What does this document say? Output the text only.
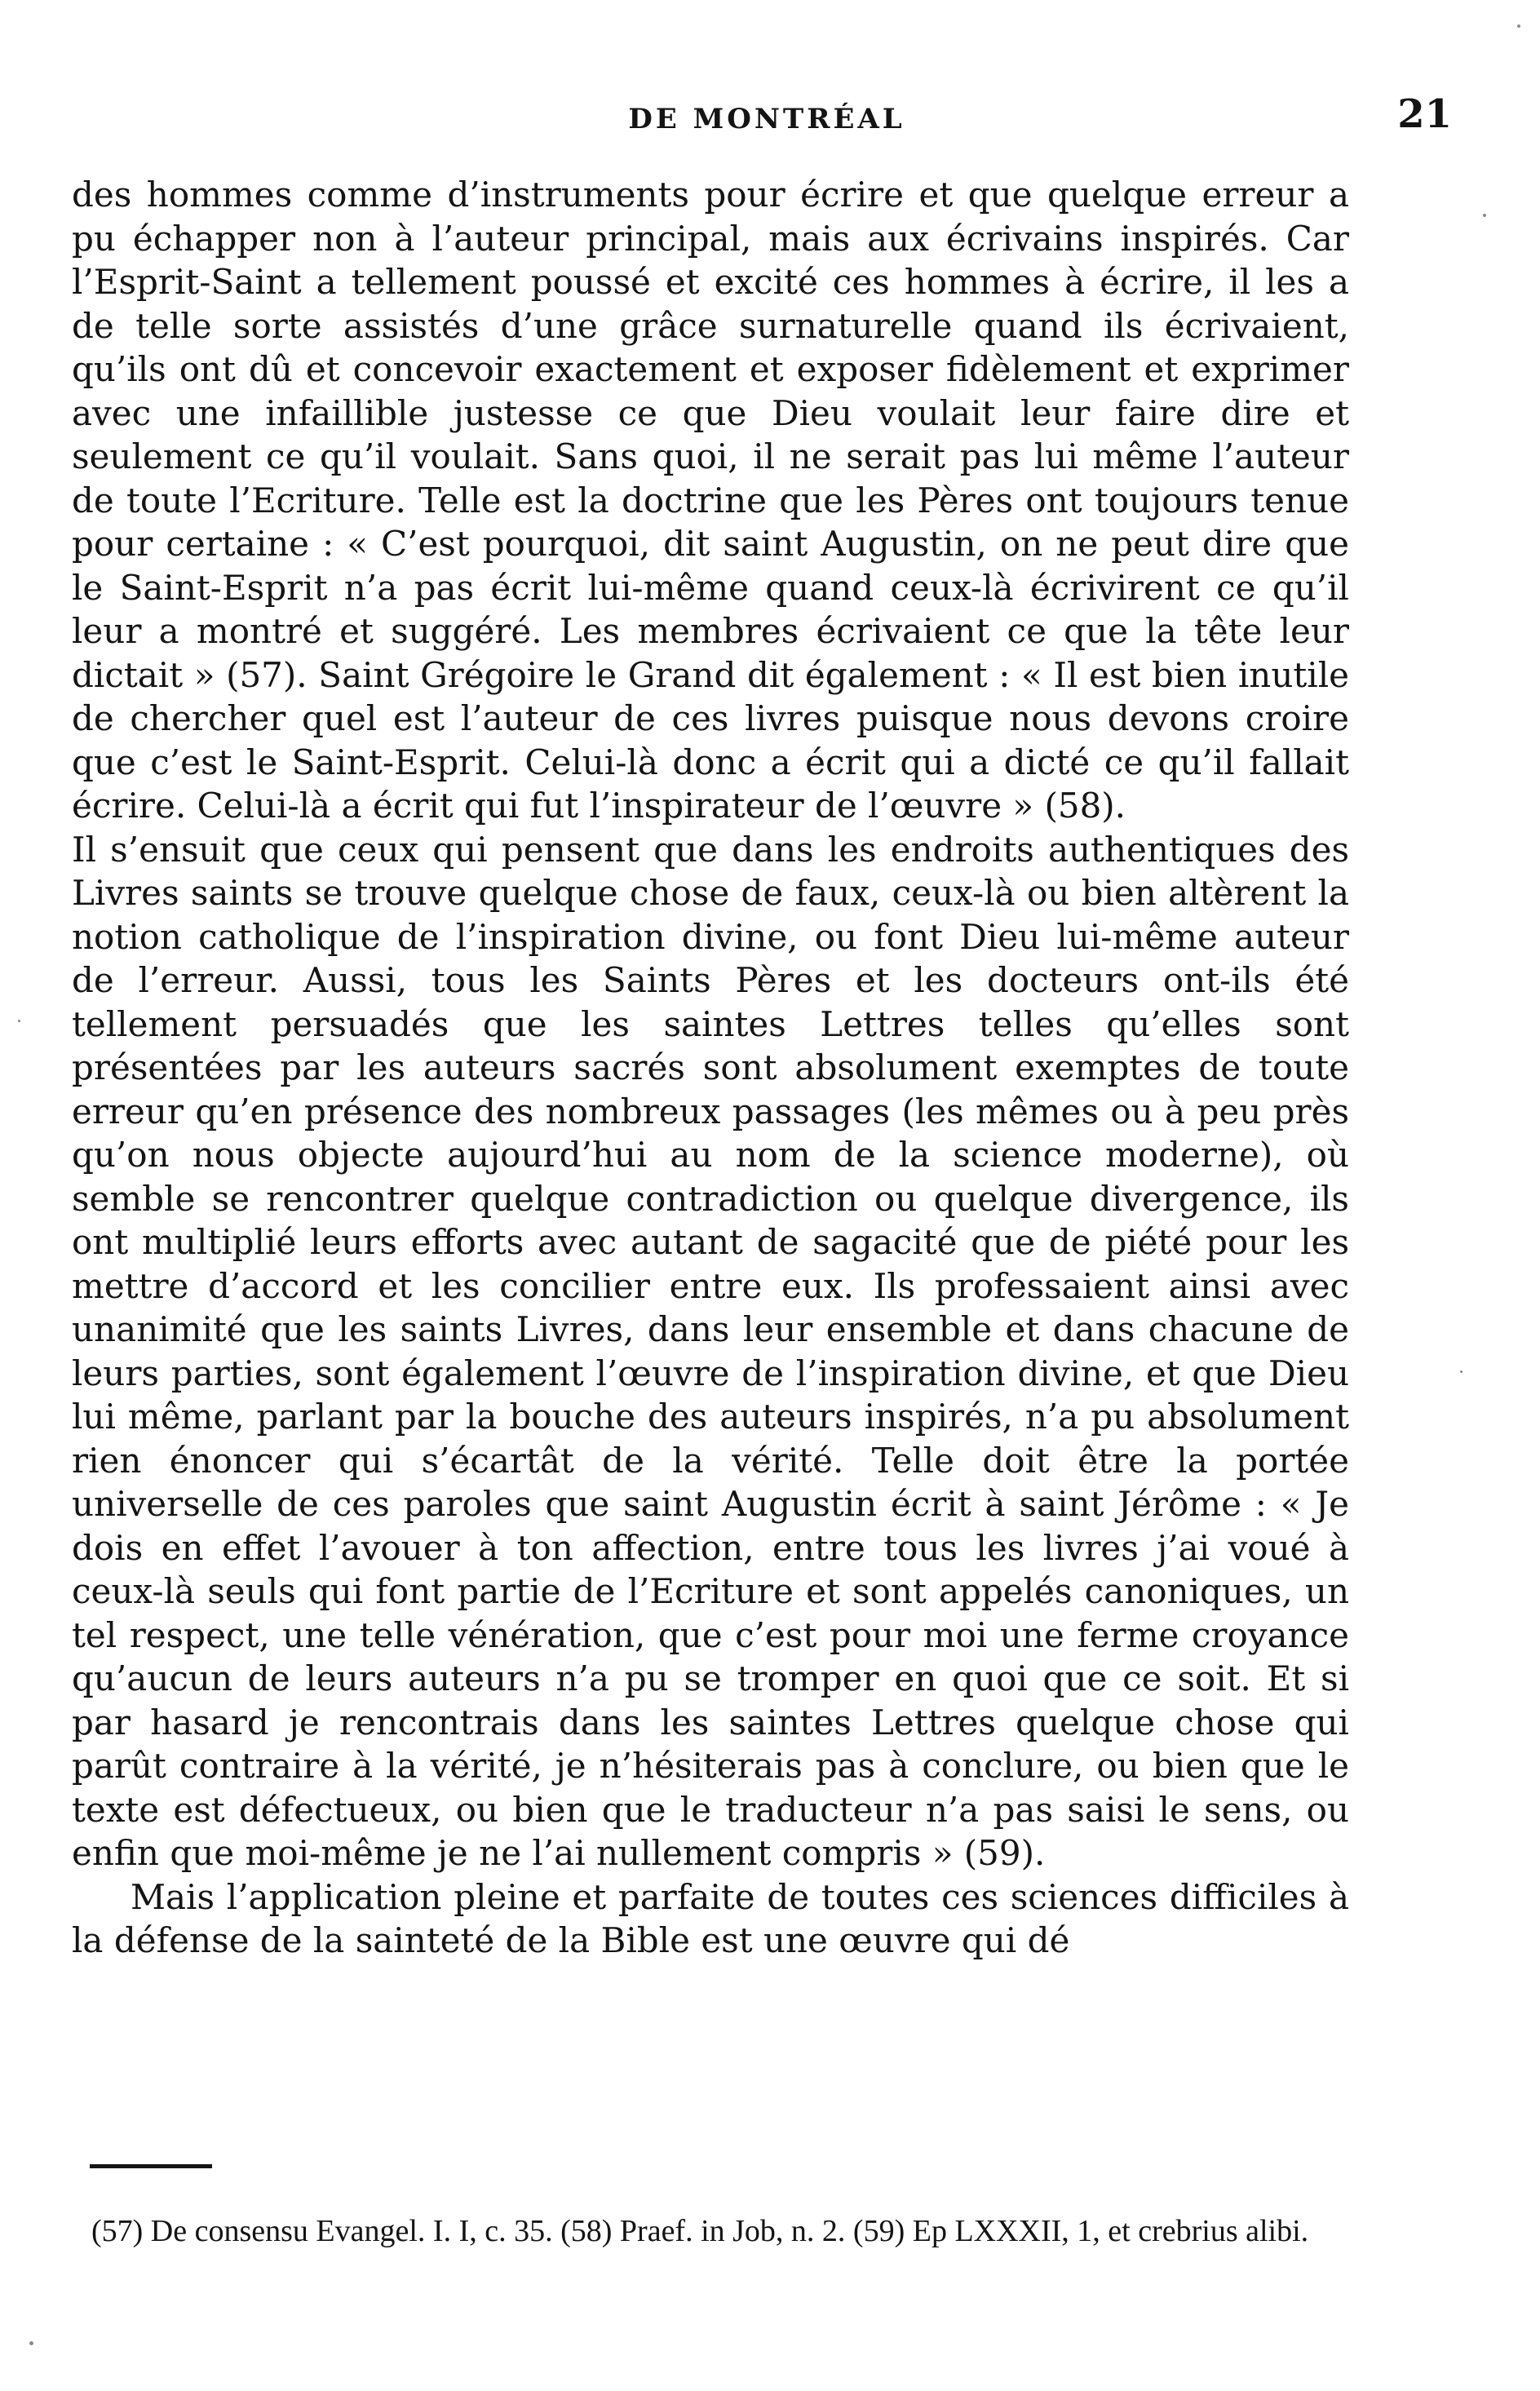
DE MONTRÉAL	21

des hommes comme d’instruments pour écrire et que quelque erreur a pu échapper non à l’auteur principal, mais aux écrivains inspirés. Car l’Esprit-Saint a tellement poussé et excité ces hommes à écrire, il les a de telle sorte assistés d’une grâce surnaturelle quand ils écrivaient, qu’ils ont dû et concevoir exactement et exposer fidèlement et exprimer avec une infaillible justesse ce que Dieu voulait leur faire dire et seulement ce qu’il voulait. Sans quoi, il ne serait pas lui même l’auteur de toute l’Ecriture. Telle est la doctrine que les Pères ont toujours tenue pour certaine : « C’est pourquoi, dit saint Augustin, on ne peut dire que le Saint-Esprit n’a pas écrit lui-même quand ceux-là écrivirent ce qu’il leur a montré et suggéré. Les membres écrivaient ce que la tête leur dictait » (57). Saint Grégoire le Grand dit également : « Il est bien inutile de chercher quel est l’auteur de ces livres puisque nous devons croire que c’est le Saint-Esprit. Celui-là donc a écrit qui a dicté ce qu’il fallait écrire. Celui-là a écrit qui fut l’inspirateur de l’œuvre » (58).

Il s’ensuit que ceux qui pensent que dans les endroits authentiques des Livres saints se trouve quelque chose de faux, ceux-là ou bien altèrent la notion catholique de l’inspiration divine, ou font Dieu lui-même auteur de l’erreur. Aussi, tous les Saints Pères et les docteurs ont-ils été tellement persuadés que les saintes Lettres telles qu’elles sont présentées par les auteurs sacrés sont absolument exemptes de toute erreur qu’en présence des nombreux passages (les mêmes ou à peu près qu’on nous objecte aujourd’hui au nom de la science moderne), où semble se rencontrer quelque contradiction ou quelque divergence, ils ont multiplié leurs efforts avec autant de sagacité que de piété pour les mettre d’accord et les concilier entre eux. Ils professaient ainsi avec unanimité que les saints Livres, dans leur ensemble et dans chacune de leurs parties, sont également l’œuvre de l’inspiration divine, et que Dieu lui même, parlant par la bouche des auteurs inspirés, n’a pu absolument rien énoncer qui s’écartât de la vérité. Telle doit être la portée universelle de ces paroles que saint Augustin écrit à saint Jérôme : « Je dois en effet l’avouer à ton affection, entre tous les livres j’ai voué à ceux-là seuls qui font partie de l’Ecriture et sont appelés canoniques, un tel respect, une telle vénération, que c’est pour moi une ferme croyance qu’aucun de leurs auteurs n’a pu se tromper en quoi que ce soit. Et si par hasard je rencontrais dans les saintes Lettres quelque chose qui parût contraire à la vérité, je n’hésiterais pas à conclure, ou bien que le texte est défectueux, ou bien que le traducteur n’a pas saisi le sens, ou enfin que moi-même je ne l’ai nullement compris » (59).

Mais l’application pleine et parfaite de toutes ces sciences difficiles à la défense de la sainteté de la Bible est une œuvre qui dé

(57) De consensu Evangel. I. I, c. 35. (58) Praef. in Job, n. 2. (59) Ep LXXXII, 1, et crebrius alibi.
